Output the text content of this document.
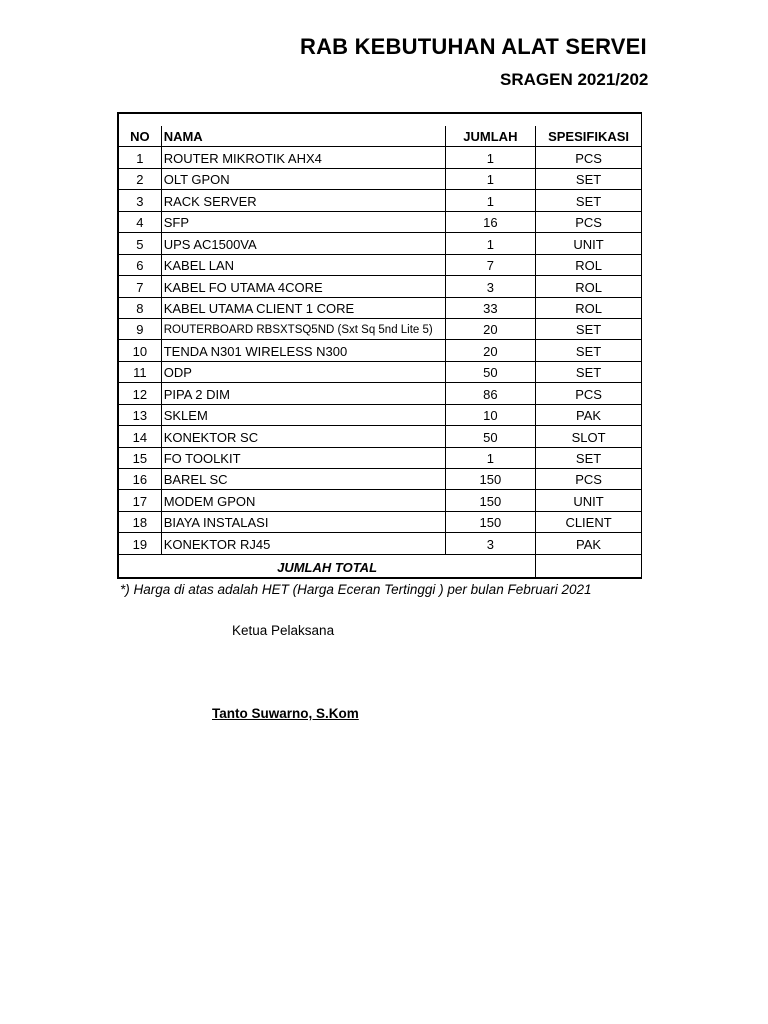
RAB KEBUTUHAN ALAT SERVEI
SRAGEN 2021/202

NO	NAMA	JUMLAH	SPESIFIKASI
1	ROUTER MIKROTIK AHX4	1	PCS
2	OLT GPON	1	SET
3	RACK SERVER	1	SET
4	SFP	16	PCS
5	UPS AC1500VA	1	UNIT
6	KABEL LAN	7	ROL
7	KABEL FO UTAMA 4CORE	3	ROL
8	KABEL UTAMA CLIENT 1 CORE	33	ROL
9	ROUTERBOARD RBSXTSQ5ND (Sxt Sq 5nd Lite 5)	20	SET
10	TENDA N301 WIRELESS N300	20	SET
11	ODP	50	SET
12	PIPA 2 DIM	86	PCS
13	SKLEM	10	PAK
14	KONEKTOR SC	50	SLOT
15	FO TOOLKIT	1	SET
16	BAREL SC	150	PCS
17	MODEM GPON	150	UNIT
18	BIAYA INSTALASI	150	CLIENT
19	KONEKTOR RJ45	3	PAK
JUMLAH TOTAL			
*) Harga di atas adalah HET (Harga Eceran Tertinggi ) per bulan Februari 2021
Ketua Pelaksana
Tanto Suwarno, S.Kom
